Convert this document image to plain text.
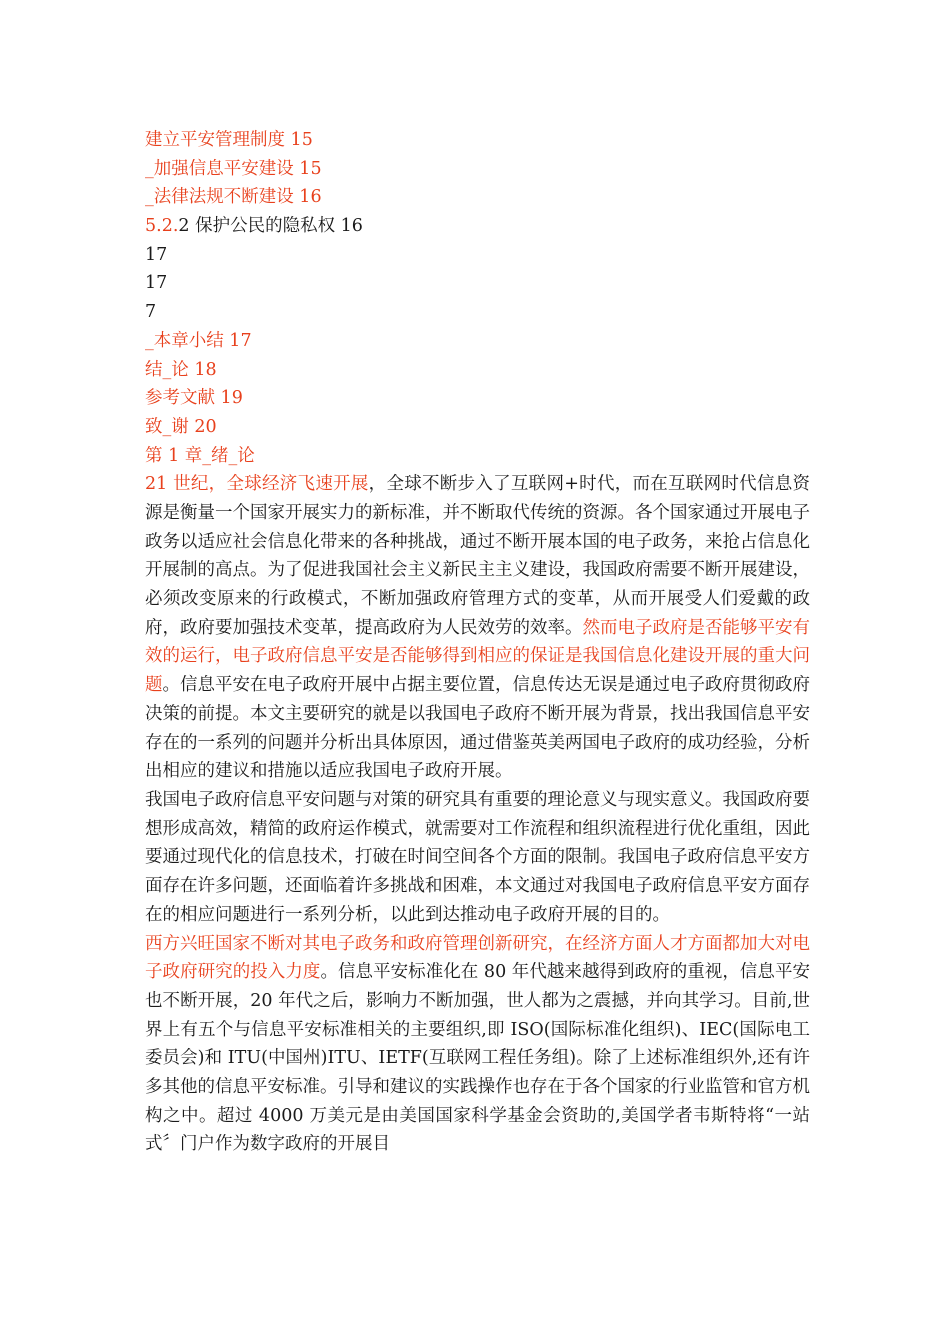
建立平安管理制度 15
_加强信息平安建设 15
_法律法规不断建设 16
5.2.2 保护公民的隐私权 16
17
17
7
_本章小结 17
结_论 18
参考文献 19
致_谢 20
第 1 章_绪_论
21 世纪，全球经济飞速开展，全球不断步入了互联网+时代，而在互联网时代信息资源是衡量一个国家开展实力的新标准，并不断取代传统的资源。各个国家通过开展电子政务以适应社会信息化带来的各种挑战，通过不断开展本国的电子政务，来抢占信息化开展制的高点。为了促进我国社会主义新民主主义建设，我国政府需要不断开展建设，必须改变原来的行政模式，不断加强政府管理方式的变革，从而开展受人们爱戴的政府，政府要加强技术变革，提高政府为人民效劳的效率。然而电子政府是否能够平安有效的运行，电子政府信息平安是否能够得到相应的保证是我国信息化建设开展的重大问题。信息平安在电子政府开展中占据主要位置，信息传达无误是通过电子政府贯彻政府决策的前提。本文主要研究的就是以我国电子政府不断开展为背景，找出我国信息平安存在的一系列的问题并分析出具体原因，通过借鉴英美两国电子政府的成功经验，分析出相应的建议和措施以适应我国电子政府开展。
我国电子政府信息平安问题与对策的研究具有重要的理论意义与现实意义。我国政府要想形成高效，精简的政府运作模式，就需要对工作流程和组织流程进行优化重组，因此要通过现代化的信息技术，打破在时间空间各个方面的限制。我国电子政府信息平安方面存在许多问题，还面临着许多挑战和困难，本文通过对我国电子政府信息平安方面存在的相应问题进行一系列分析，以此到达推动电子政府开展的目的。
西方兴旺国家不断对其电子政务和政府管理创新研究，在经济方面人才方面都加大对电子政府研究的投入力度。信息平安标准化在 80 年代越来越得到政府的重视，信息平安也不断开展，20 年代之后，影响力不断加强，世人都为之震撼，并向其学习。目前,世界上有五个与信息平安标准相关的主要组织,即 ISO(国际标准化组织)、IEC(国际电工委员会)和 ITU(中国州)ITU、IETF(互联网工程任务组)。除了上述标准组织外,还有许多其他的信息平安标准。引导和建议的实践操作也存在于各个国家的行业监管和官方机构之中。超过 4000 万美元是由美国国家科学基金会资助的,美国学者韦斯特将“一站式〞门户作为数字政府的开展目
